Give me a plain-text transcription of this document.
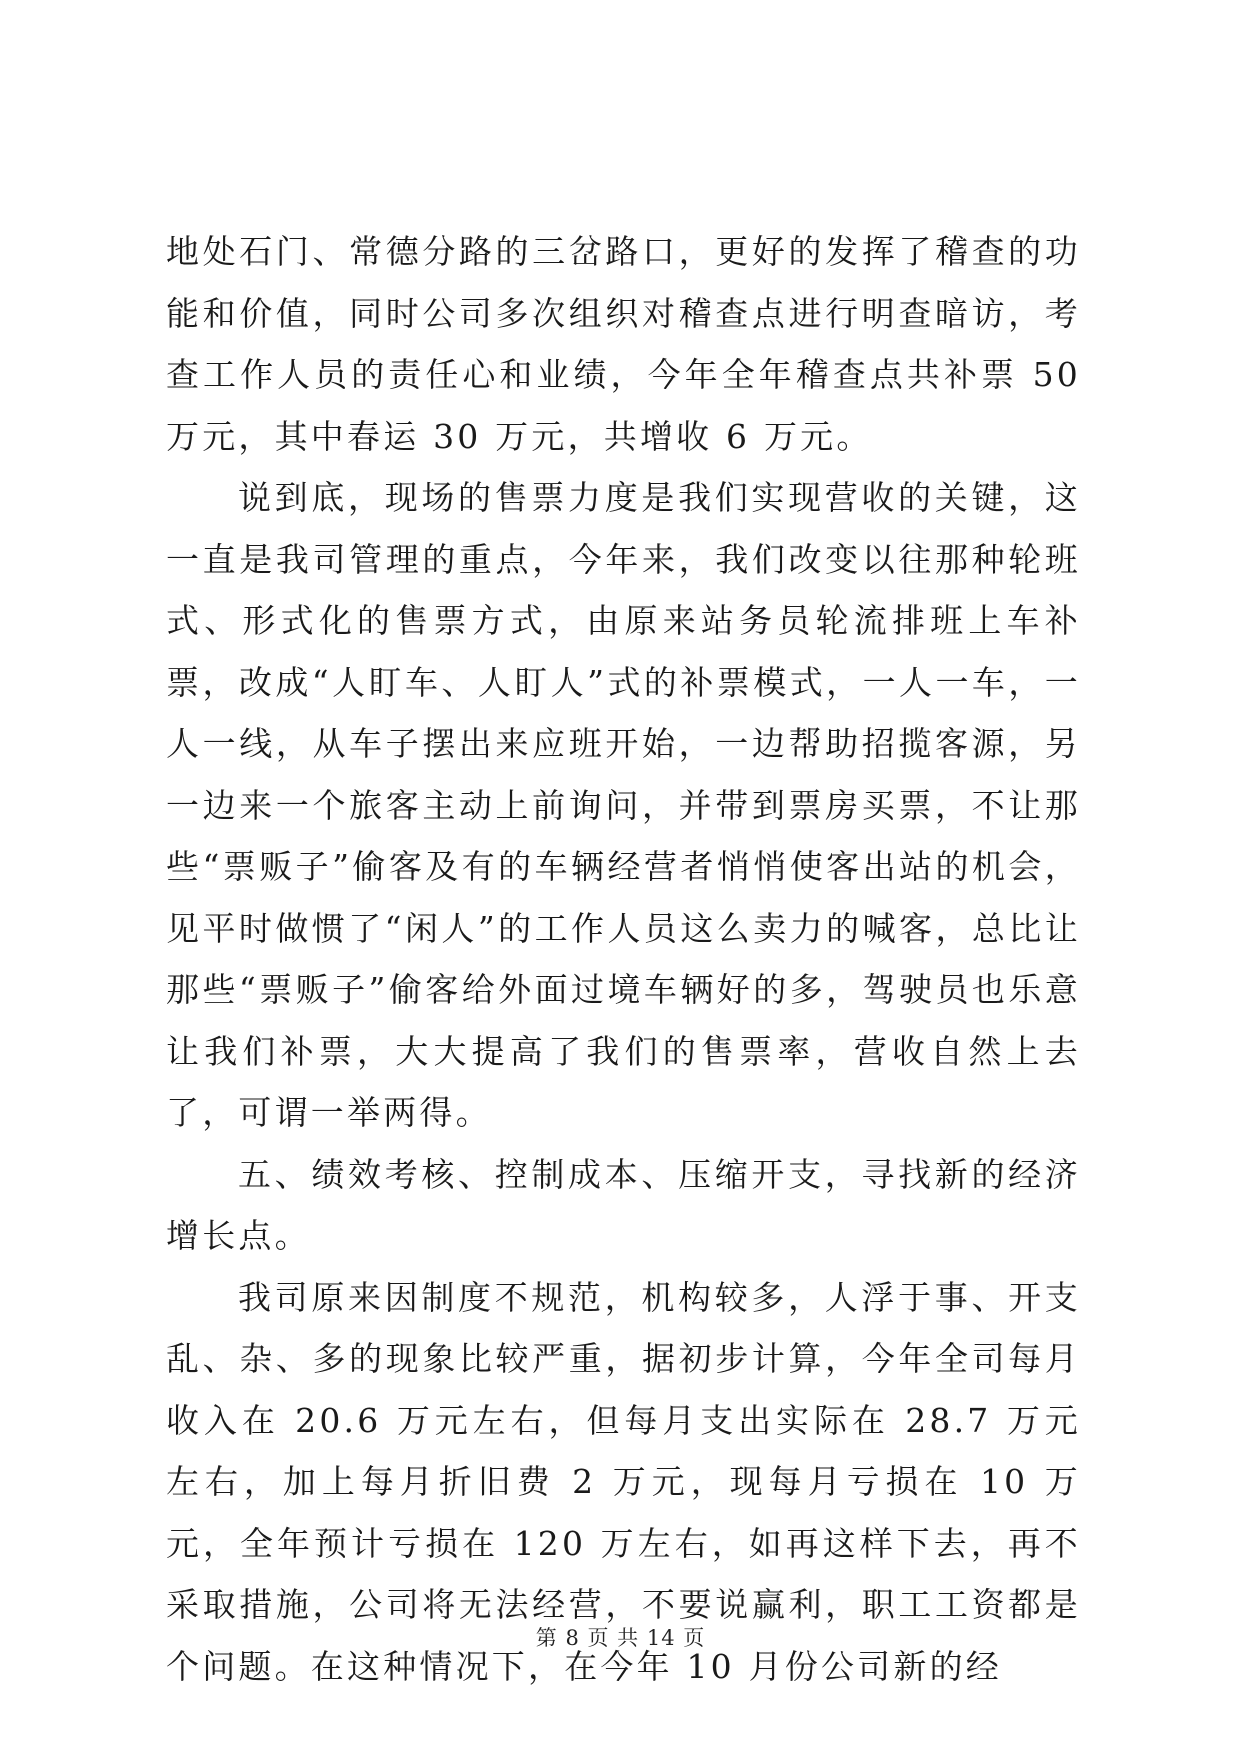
地处石门、常德分路的三岔路口，更好的发挥了稽查的功能和价值，同时公司多次组织对稽查点进行明查暗访，考查工作人员的责任心和业绩，今年全年稽查点共补票 50 万元，其中春运 30 万元，共增收 6 万元。

说到底，现场的售票力度是我们实现营收的关键，这一直是我司管理的重点，今年来，我们改变以往那种轮班式、形式化的售票方式，由原来站务员轮流排班上车补票，改成“人盯车、人盯人”式的补票模式，一人一车，一人一线，从车子摆出来应班开始，一边帮助招揽客源，另一边来一个旅客主动上前询问，并带到票房买票，不让那些“票贩子”偷客及有的车辆经营者悄悄使客出站的机会，见平时做惯了“闲人”的工作人员这么卖力的喊客，总比让那些“票贩子”偷客给外面过境车辆好的多，驾驶员也乐意让我们补票，大大提高了我们的售票率，营收自然上去了，可谓一举两得。

五、绩效考核、控制成本、压缩开支，寻找新的经济增长点。

我司原来因制度不规范，机构较多，人浮于事、开支乱、杂、多的现象比较严重，据初步计算，今年全司每月收入在 20.6 万元左右，但每月支出实际在 28.7 万元左右，加上每月折旧费 2 万元，现每月亏损在 10 万元，全年预计亏损在 120 万左右，如再这样下去，再不采取措施，公司将无法经营，不要说赢利，职工工资都是个问题。在这种情况下，在今年 10 月份公司新的经

第 8 页 共 14 页
